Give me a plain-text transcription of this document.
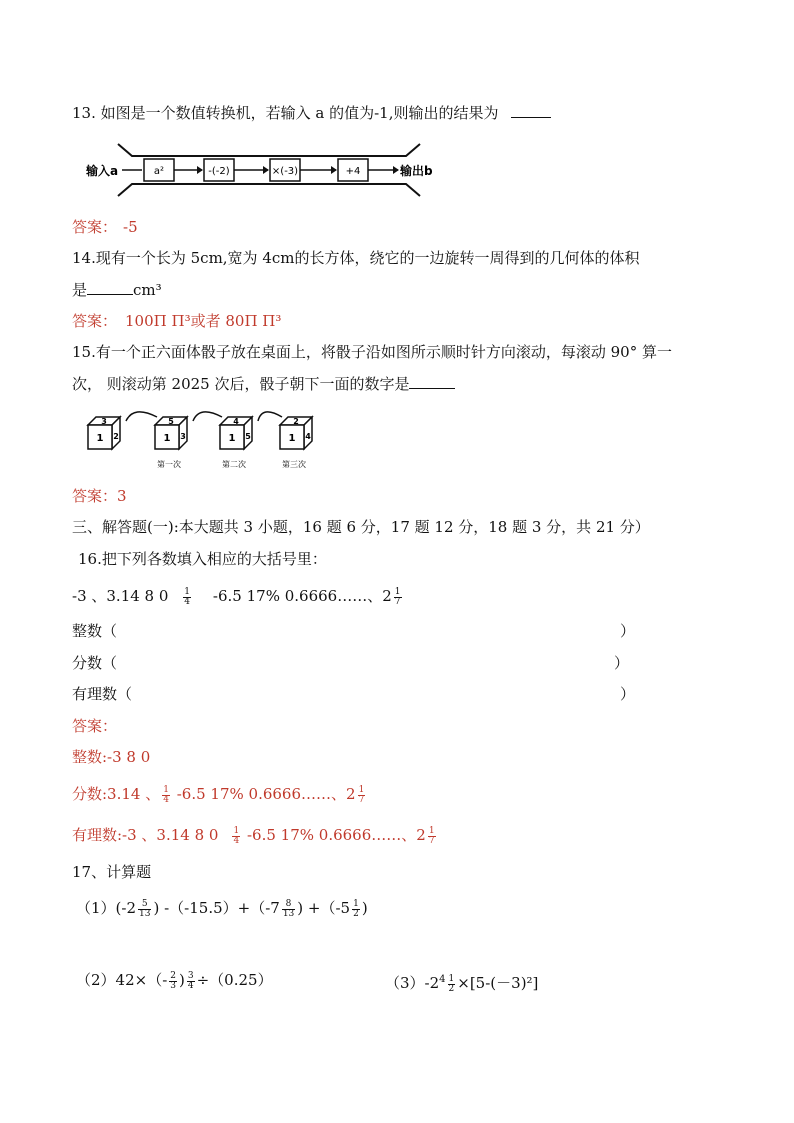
13. 如图是一个数值转换机，若输入 a 的值为-1,则输出的结果为
输入a	a²	-(-2)	×(-3)	+4	输出b
答案： -5
14.现有一个长为 5cm,宽为 4cm的长方体，绕它的一边旋转一周得到的几何体的体积
是	cm³
答案： 100Π Π³或者 80Π Π³
15.有一个正六面体骰子放在桌面上，将骰子沿如图所示顺时针方向滚动，每滚动 90° 算一
次， 则滚动第 2025 次后，骰子朝下一面的数字是
1
3
2	1
5
3
第一次
1
4
5
第二次
1
2
4
第三次
答案：3
三、解答题(一):本大题共 3 小题，16 题 6 分，17 题 12 分，18 题 3 分，共 21 分）
16.把下列各数填入相应的大括号里：
-3 、3.14 8 $0 \frac{1}{4} -6.5$ 17% 0.6666……、$2 \frac{1}{7}$
整数（	）
分数（	）
有理数（	）
答案：
整数:-3 8 0
分数:3.14 、 $\frac{1}{4} -6.5$ 17% 0.6666……、$2 \frac{1}{7}$
有理数:-3 、3.14 8 $0 \frac{1}{4} -6.5$ 17% 0.6666……、$2 \frac{1}{7}$
17、计算题
$(1)(-2 \frac{5}{13}$ ) $-(-15.5)+(-7 \frac{8}{13}$ ) $+(-5 \frac{1}{2}$ )
$(2)42\times(- \frac{2}{3}$ ) $\frac{3}{4} \div(0.25)$	$(3)-2^4 \frac{1}{2} \times[5-(-3)^2]$
